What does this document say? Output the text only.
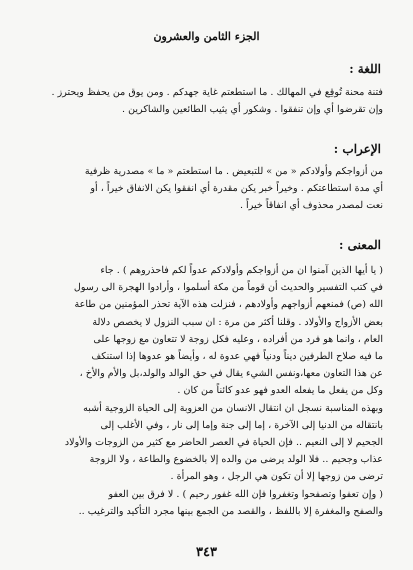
الجزء الثامن والعشرون
اللغة :
فتنة محنة تُوقِع في المهالك . ما استطعتم غاية جهدكم . ومن يوق من يحفظ ويحترز .
وإن تقرضوا أي وإن تنفقوا . وشكور أي يثيب الطائعين والشاكرين .
الإعراب :
من أزواجكم وأولادكم « من » للتبعيض . ما استطعتم « ما » مصدرية ظرفية
أي مدة استطاعتكم . وخيراً خبر يكن مقدرة أي انفقوا يكن الانفاق خيراً ، أو
نعت لمصدر محذوف أي انفاقاً خيراً .
المعنى :
( يا أيها الذين آمنوا ان من أزواجكم وأولادكم عدواً لكم فاحذروهم ) . جاء
في كتب التفسير والحديث أن قوماً من مكة أسلموا ، وأرادوا الهجرة الى رسول
الله (ص) فمنعهم أزواجهم وأولادهم ، فنزلت هذه الآية تحذر المؤمنين من طاعة
بعض الأزواج والأولاد . وقلنا أكثر من مرة : ان سبب النزول لا يخصص دلالة
العام ، وانما هو فرد من أفراده ، وعليه فكل زوجة لا تتعاون مع زوجها على
ما فيه صلاح الطرفين ديناً ودنياً فهي عدوة له ، وأيضاً هو عدوها إذا استنكف
عن هذا التعاون معها،ونفس الشيء يقال في حق الوالد والولد،بل والأم والأخ ،
وكل من يفعل ما يفعله العدو فهو عدو كائناً من كان .
وبهذه المناسبة نسجل ان انتقال الانسان من العزوبة إلى الحياة الزوجية أشبه
بانتقاله من الدنيا إلى الآخرة ، إما إلى جنة وإما إلى نار ، وفي الأغلب إلى
الجحيم لا إلى النعيم .. فإن الحياة في العصر الحاضر مع كثير من الزوجات والأولاد
عذاب وجحيم .. فلا الولد يرضى من والده إلا بالخضوع والطاعة ، ولا الزوجة
ترضى من زوجها إلا أن تكون هي الرجل ، وهو المرأة .
( وإن تعفوا وتصفحوا وتغفروا فإن الله غفور رحيم ) . لا فرق بين العفو
والصفح والمغفرة إلا باللفظ ، والقصد من الجمع بينها مجرد التأكيد والترغيب ..
٣٤٣
